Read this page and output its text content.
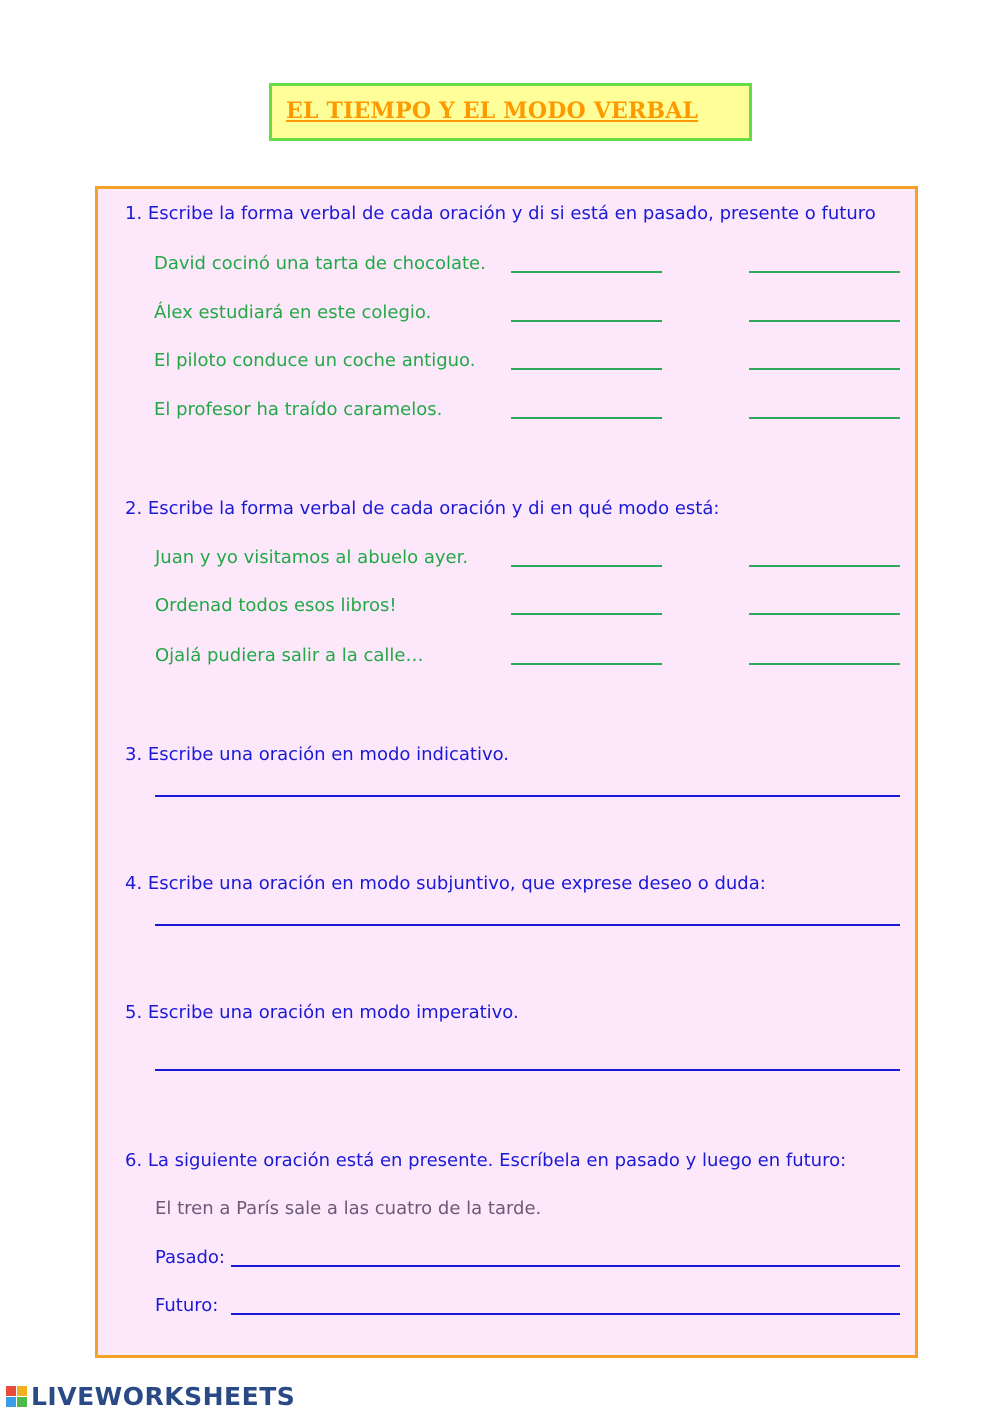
EL TIEMPO Y EL MODO VERBAL
1. Escribe la forma verbal de cada oración y di si está en pasado, presente o futuro
David cocinó una tarta de chocolate.
Álex estudiará en este colegio.
El piloto conduce un coche antiguo.
El profesor ha traído caramelos.
2. Escribe la forma verbal de cada oración y di en qué modo está:
Juan y yo visitamos al abuelo ayer.
Ordenad todos esos libros!
Ojalá pudiera salir a la calle…
3. Escribe una oración en modo indicativo.
4. Escribe una oración en modo subjuntivo, que exprese deseo o duda:
5. Escribe una oración en modo imperativo.
6. La siguiente oración está en presente. Escríbela en pasado y luego en futuro:
El tren a París sale a las cuatro de la tarde.
Pasado:
Futuro:
LIVEWORKSHEETS
